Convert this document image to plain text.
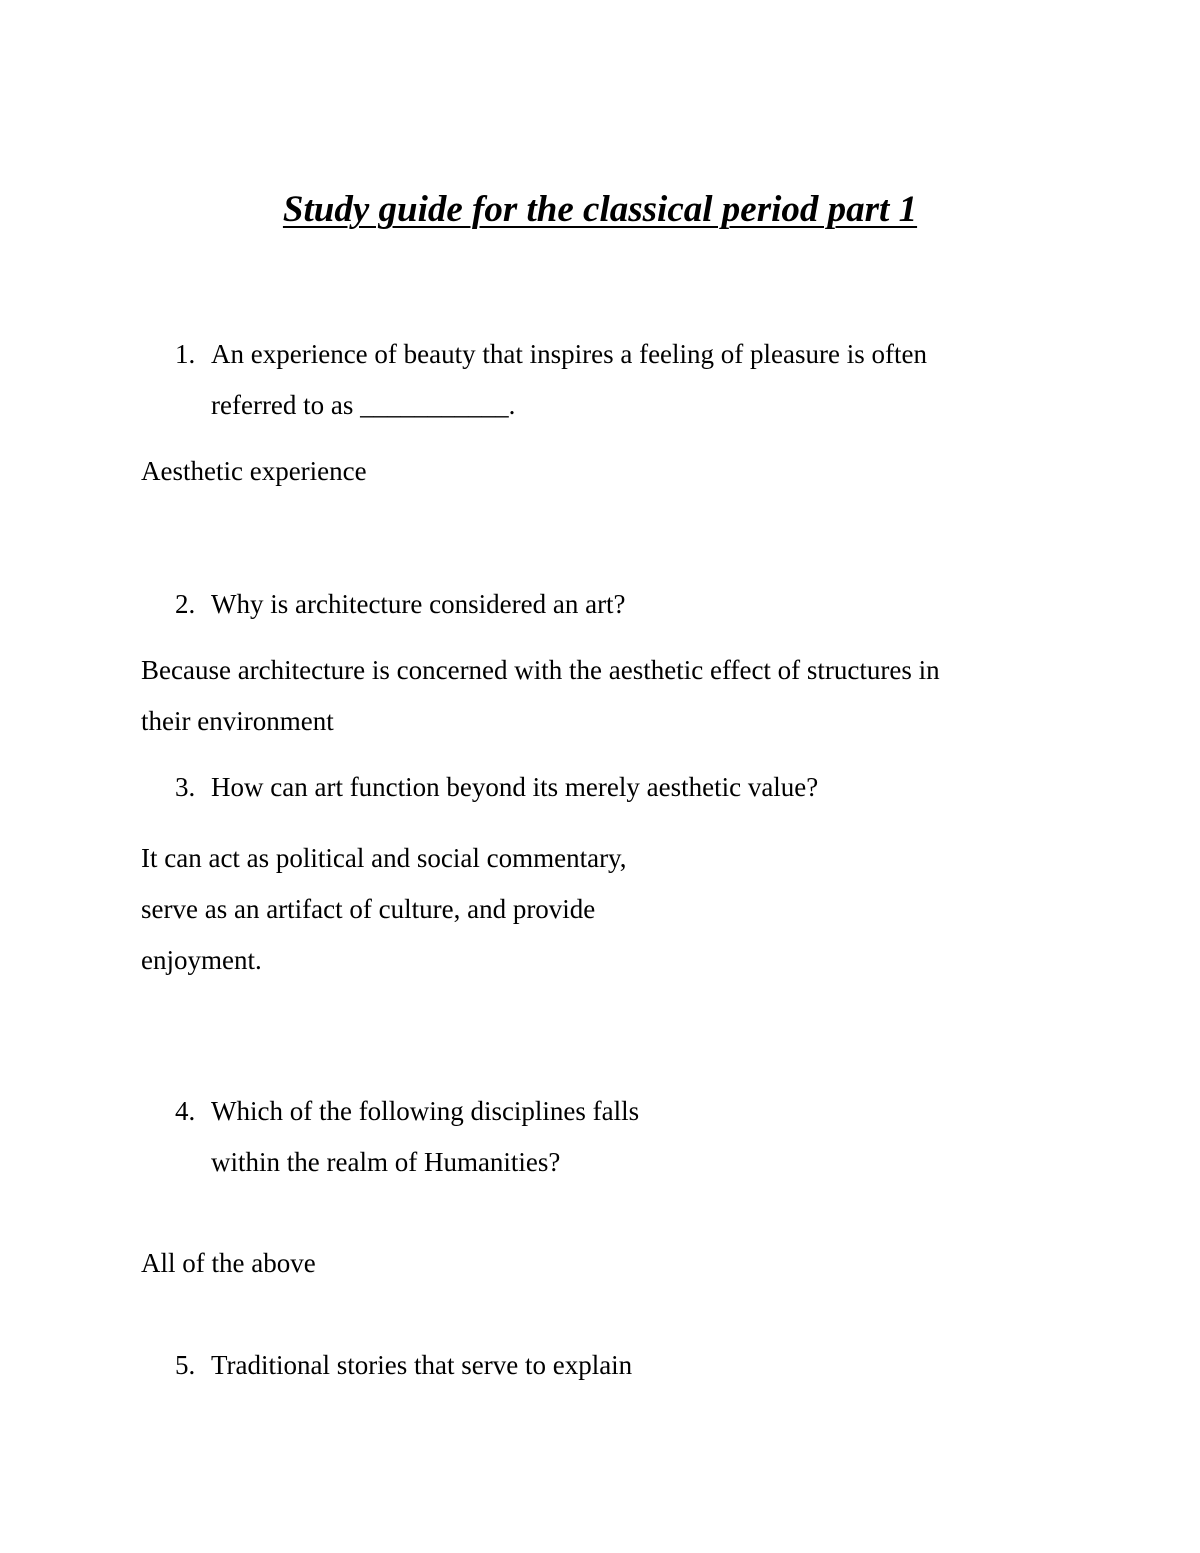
Study guide for the classical period part 1
1. An experience of beauty that inspires a feeling of pleasure is often
referred to as ___________.
Aesthetic experience
2. Why is architecture considered an art?
Because architecture is concerned with the aesthetic effect of structures in
their environment
3. How can art function beyond its merely aesthetic value?
It can act as political and social commentary,
serve as an artifact of culture, and provide
enjoyment.
4. Which of the following disciplines falls
within the realm of Humanities?
All of the above
5. Traditional stories that serve to explain
